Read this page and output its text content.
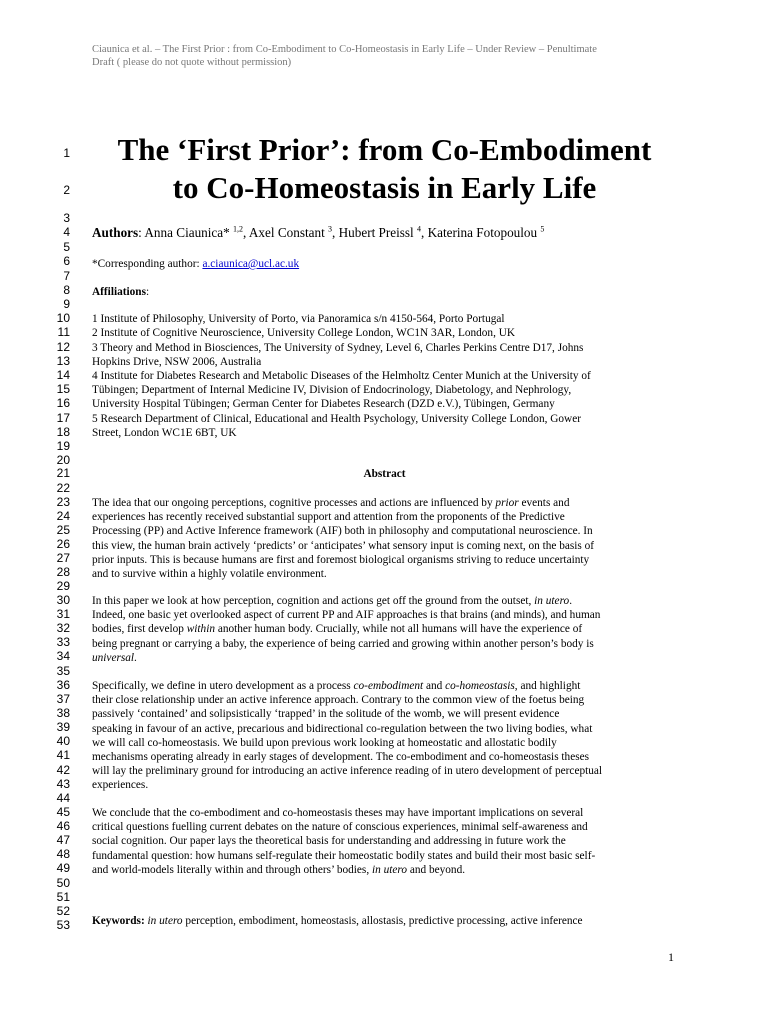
Ciaunica et al. – The First Prior : from Co-Embodiment to Co-Homeostasis in Early Life – Under Review – Penultimate
Draft ( please do not quote without permission)
1
2
3
4
5
6
7
8
9
10
11
12
13
14
15
16
17
18
19
20
21
22
23
24
25
26
27
28
29
30
31
32
33
34
35
36
37
38
39
40
41
42
43
44
45
46
47
48
49
50
51
52
53
The ‘First Prior’: from Co-Embodiment
to Co-Homeostasis in Early Life
Authors: Anna Ciaunica* $^{1,2}$, Axel Constant $^3$, Hubert Preissl $^4$, Katerina Fotopoulou $^5$
*Corresponding author: a.ciaunica@ucl.ac.uk
Affiliations:
1 Institute of Philosophy, University of Porto, via Panoramica s/n 4150-564, Porto Portugal
2 Institute of Cognitive Neuroscience, University College London, WC1N 3AR, London, UK
3 Theory and Method in Biosciences, The University of Sydney, Level 6, Charles Perkins Centre D17, Johns
Hopkins Drive, NSW 2006, Australia
4 Institute for Diabetes Research and Metabolic Diseases of the Helmholtz Center Munich at the University of
Tübingen; Department of Internal Medicine IV, Division of Endocrinology, Diabetology, and Nephrology,
University Hospital Tübingen; German Center for Diabetes Research (DZD e.V.), Tübingen, Germany
5 Research Department of Clinical, Educational and Health Psychology, University College London, Gower
Street, London WC1E 6BT, UK
Abstract
The idea that our ongoing perceptions, cognitive processes and actions are influenced by prior events and
experiences has recently received substantial support and attention from the proponents of the Predictive
Processing (PP) and Active Inference framework (AIF) both in philosophy and computational neuroscience. In
this view, the human brain actively ‘predicts’ or ‘anticipates’ what sensory input is coming next, on the basis of
prior inputs. This is because humans are first and foremost biological organisms striving to reduce uncertainty
and to survive within a highly volatile environment.
In this paper we look at how perception, cognition and actions get off the ground from the outset, in utero.
Indeed, one basic yet overlooked aspect of current PP and AIF approaches is that brains (and minds), and human
bodies, first develop within another human body. Crucially, while not all humans will have the experience of
being pregnant or carrying a baby, the experience of being carried and growing within another person’s body is
universal.
Specifically, we define in utero development as a process co-embodiment and co-homeostasis, and highlight
their close relationship under an active inference approach. Contrary to the common view of the foetus being
passively ‘contained’ and solipsistically ‘trapped’ in the solitude of the womb, we will present evidence
speaking in favour of an active, precarious and bidirectional co-regulation between the two living bodies, what
we will call co-homeostasis. We build upon previous work looking at homeostatic and allostatic bodily
mechanisms operating already in early stages of development. The co-embodiment and co-homeostasis theses
will lay the preliminary ground for introducing an active inference reading of in utero development of perceptual
experiences.
We conclude that the co-embodiment and co-homeostasis theses may have important implications on several
critical questions fuelling current debates on the nature of conscious experiences, minimal self-awareness and
social cognition. Our paper lays the theoretical basis for understanding and addressing in future work the
fundamental question: how humans self-regulate their homeostatic bodily states and build their most basic self-
and world-models literally within and through others’ bodies, in utero and beyond.
Keywords: in utero perception, embodiment, homeostasis, allostasis, predictive processing, active inference
1
